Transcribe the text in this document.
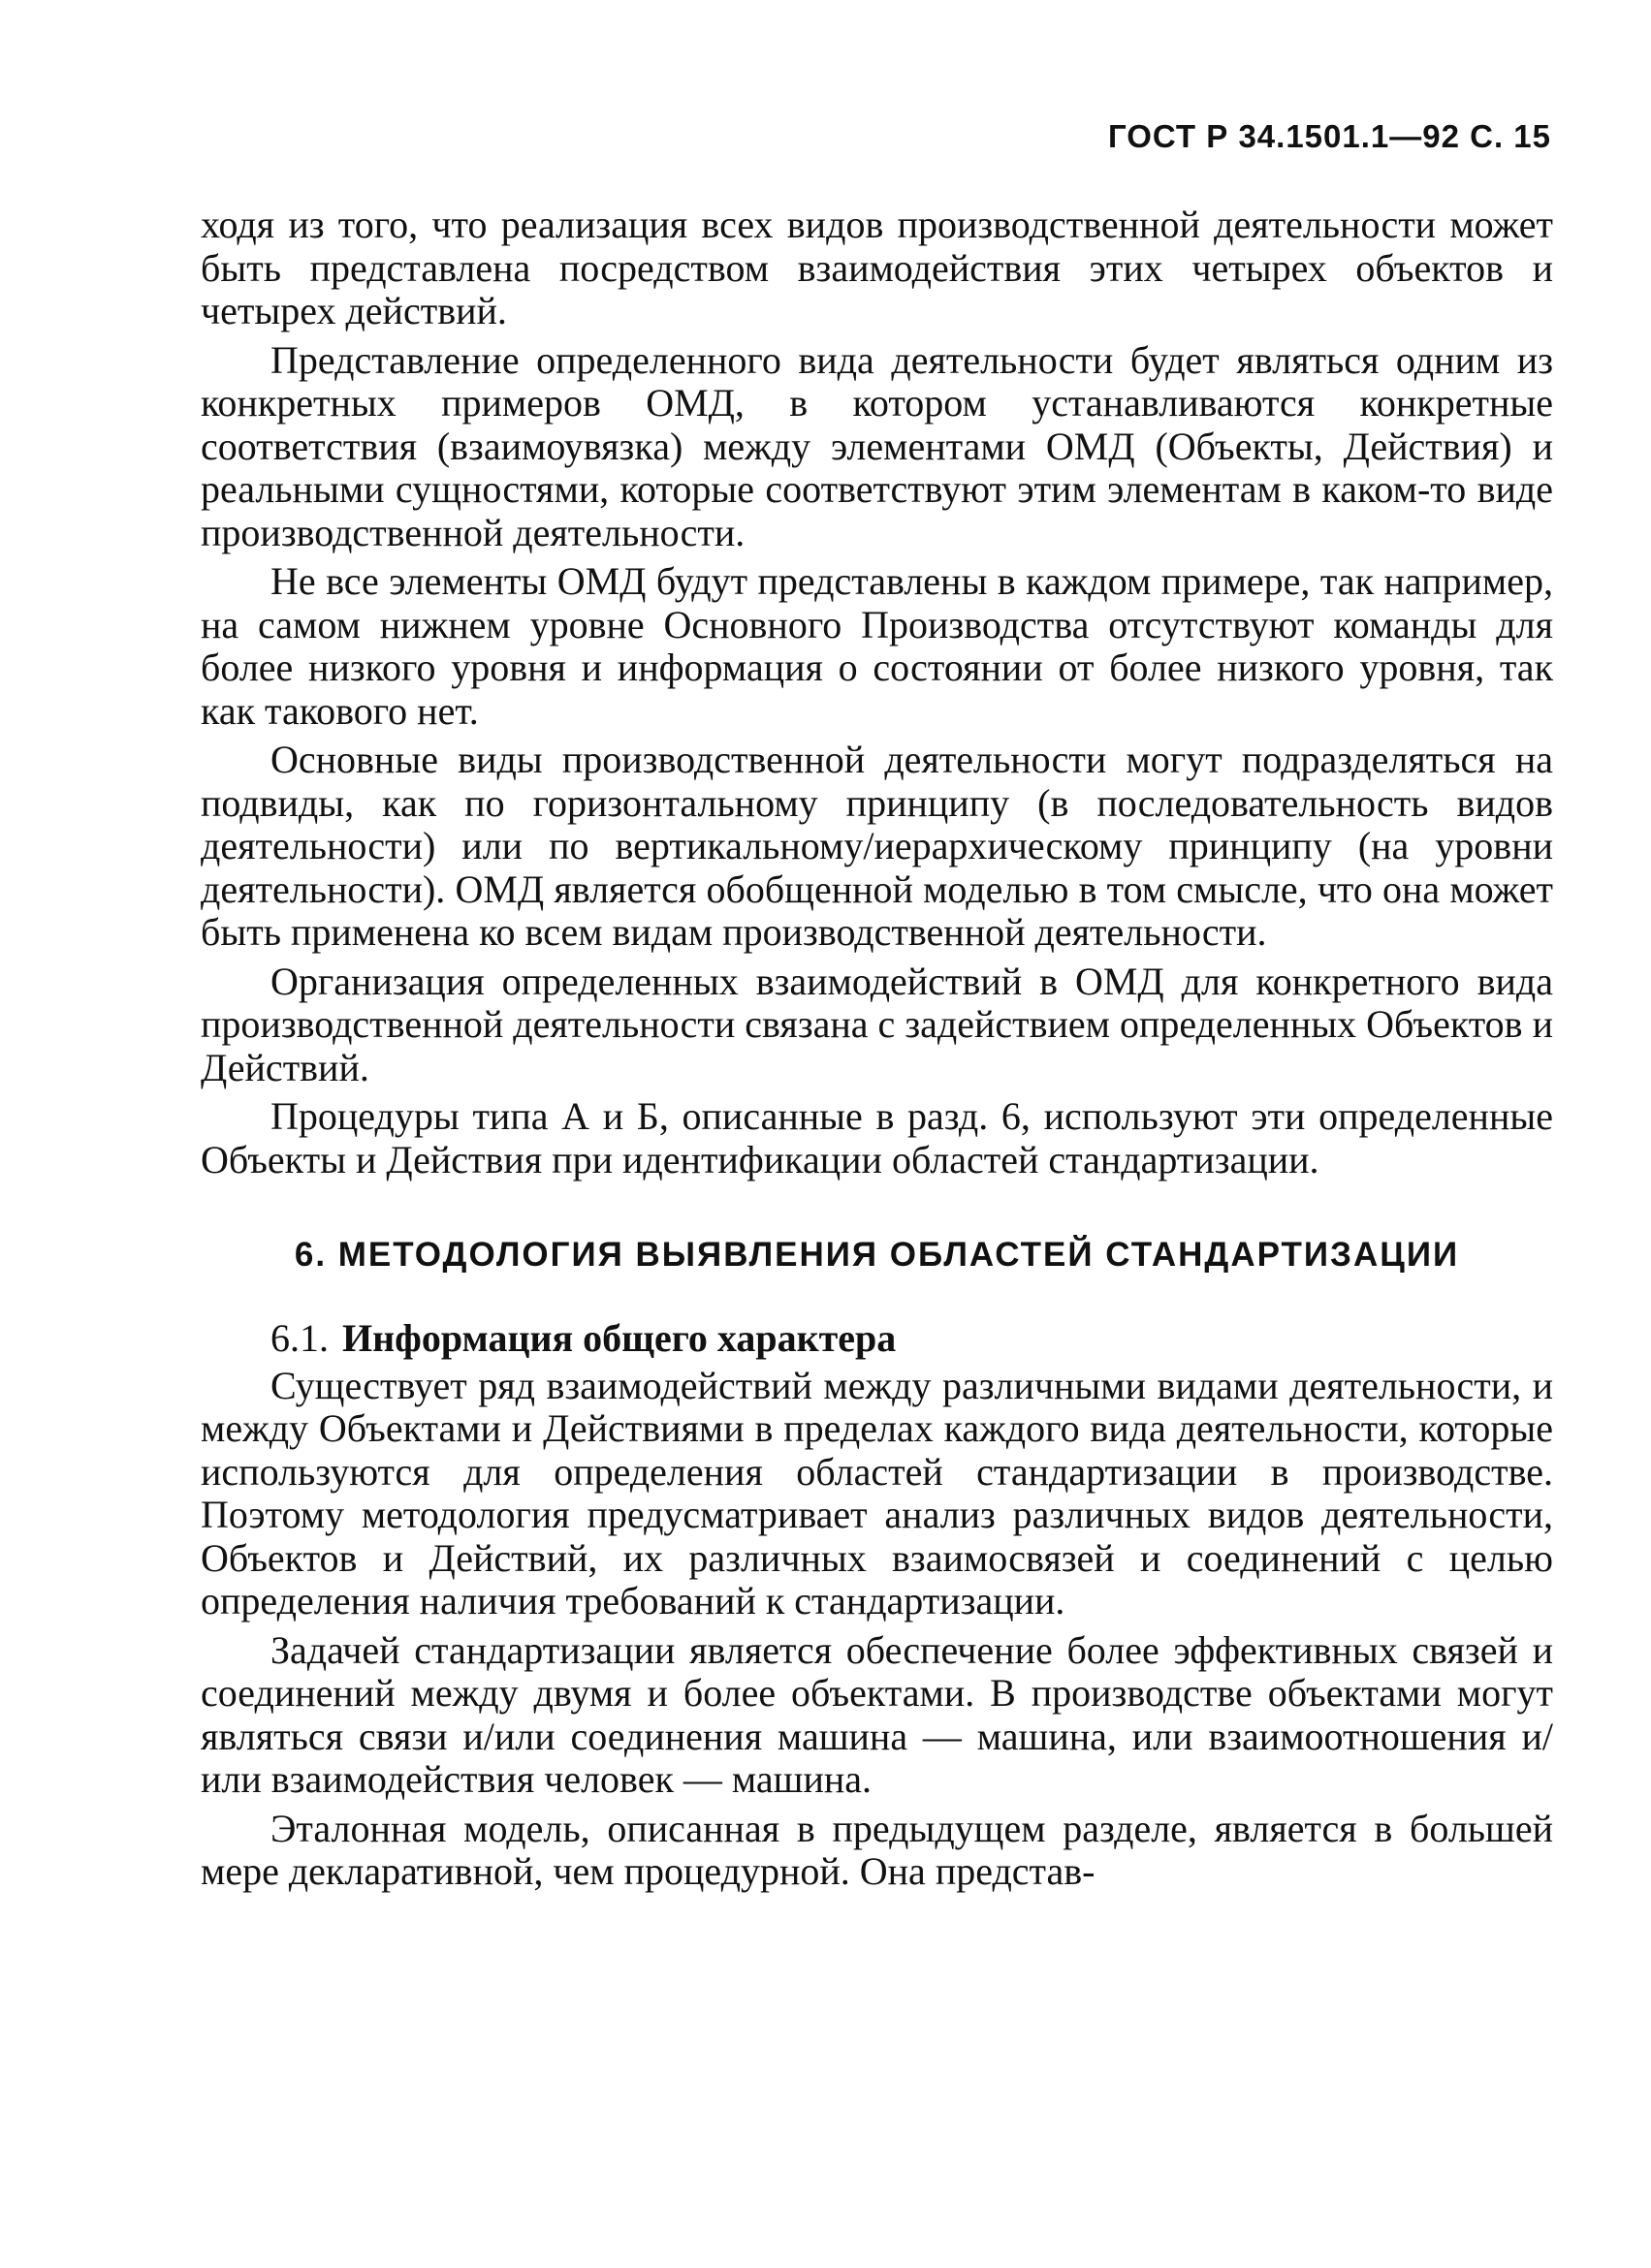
ГОСТ Р 34.1501.1—92 С. 15

ходя из того, что реализация всех видов производственной деятельности может быть представлена посредством взаимодействия этих четырех объектов и четырех действий.

Представление определенного вида деятельности будет являться одним из конкретных примеров ОМД, в котором устанавливаются конкретные соответствия (взаимоувязка) между элементами ОМД (Объекты, Действия) и реальными сущностями, которые соответствуют этим элементам в каком-то виде производственной деятельности.

Не все элементы ОМД будут представлены в каждом примере, так например, на самом нижнем уровне Основного Производства отсутствуют команды для более низкого уровня и информация о состоянии от более низкого уровня, так как такового нет.

Основные виды производственной деятельности могут подразделяться на подвиды, как по горизонтальному принципу (в последовательность видов деятельности) или по вертикальному/иерархическому принципу (на уровни деятельности). ОМД является обобщенной моделью в том смысле, что она может быть применена ко всем видам производственной деятельности.

Организация определенных взаимодействий в ОМД для конкретного вида производственной деятельности связана с задействием определенных Объектов и Действий.

Процедуры типа А и Б, описанные в разд. 6, используют эти определенные Объекты и Действия при идентификации областей стандартизации.

6. МЕТОДОЛОГИЯ ВЫЯВЛЕНИЯ ОБЛАСТЕЙ СТАНДАРТИЗАЦИИ
6.1. Информация общего характера

Существует ряд взаимодействий между различными видами деятельности, и между Объектами и Действиями в пределах каждого вида деятельности, которые используются для определения областей стандартизации в производстве. Поэтому методология предусматривает анализ различных видов деятельности, Объектов и Действий, их различных взаимосвязей и соединений с целью определения наличия требований к стандартизации.

Задачей стандартизации является обеспечение более эффективных связей и соединений между двумя и более объектами. В производстве объектами могут являться связи и/или соединения машина — машина, или взаимоотношения и/или взаимодействия человек — машина.

Эталонная модель, описанная в предыдущем разделе, является в большей мере декларативной, чем процедурной. Она представ-
